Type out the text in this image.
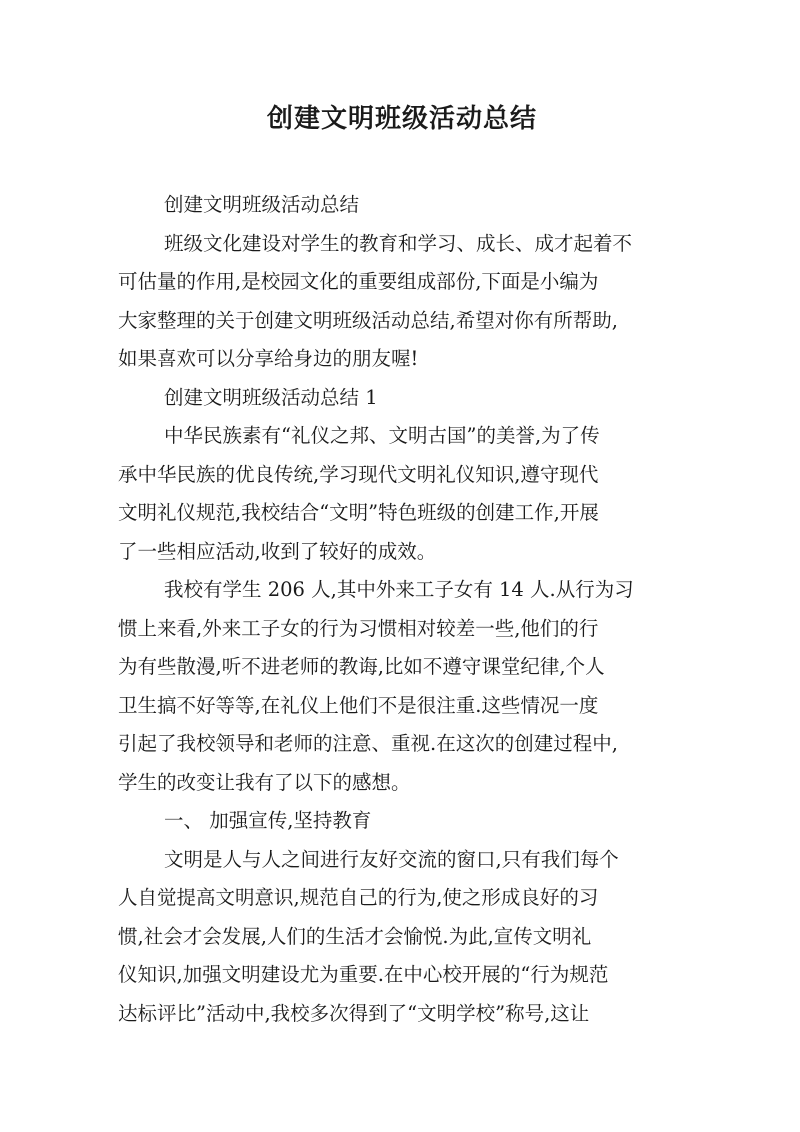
创建文明班级活动总结

创建文明班级活动总结

班级文化建设对学生的教育和学习、成长、成才起着不

可估量的作用,是校园文化的重要组成部份,下面是小编为

大家整理的关于创建文明班级活动总结,希望对你有所帮助,

如果喜欢可以分享给身边的朋友喔!

创建文明班级活动总结 1

中华民族素有“礼仪之邦、文明古国”的美誉,为了传

承中华民族的优良传统,学习现代文明礼仪知识,遵守现代

文明礼仪规范,我校结合“文明”特色班级的创建工作,开展

了一些相应活动,收到了较好的成效。

我校有学生 206 人,其中外来工子女有 14 人.从行为习

惯上来看,外来工子女的行为习惯相对较差一些,他们的行

为有些散漫,听不进老师的教诲,比如不遵守课堂纪律,个人

卫生搞不好等等,在礼仪上他们不是很注重.这些情况一度

引起了我校领导和老师的注意、重视.在这次的创建过程中,

学生的改变让我有了以下的感想。

一、 加强宣传,坚持教育

文明是人与人之间进行友好交流的窗口,只有我们每个

人自觉提高文明意识,规范自己的行为,使之形成良好的习

惯,社会才会发展,人们的生活才会愉悦.为此,宣传文明礼

仪知识,加强文明建设尤为重要.在中心校开展的“行为规范

达标评比”活动中,我校多次得到了“文明学校”称号,这让
